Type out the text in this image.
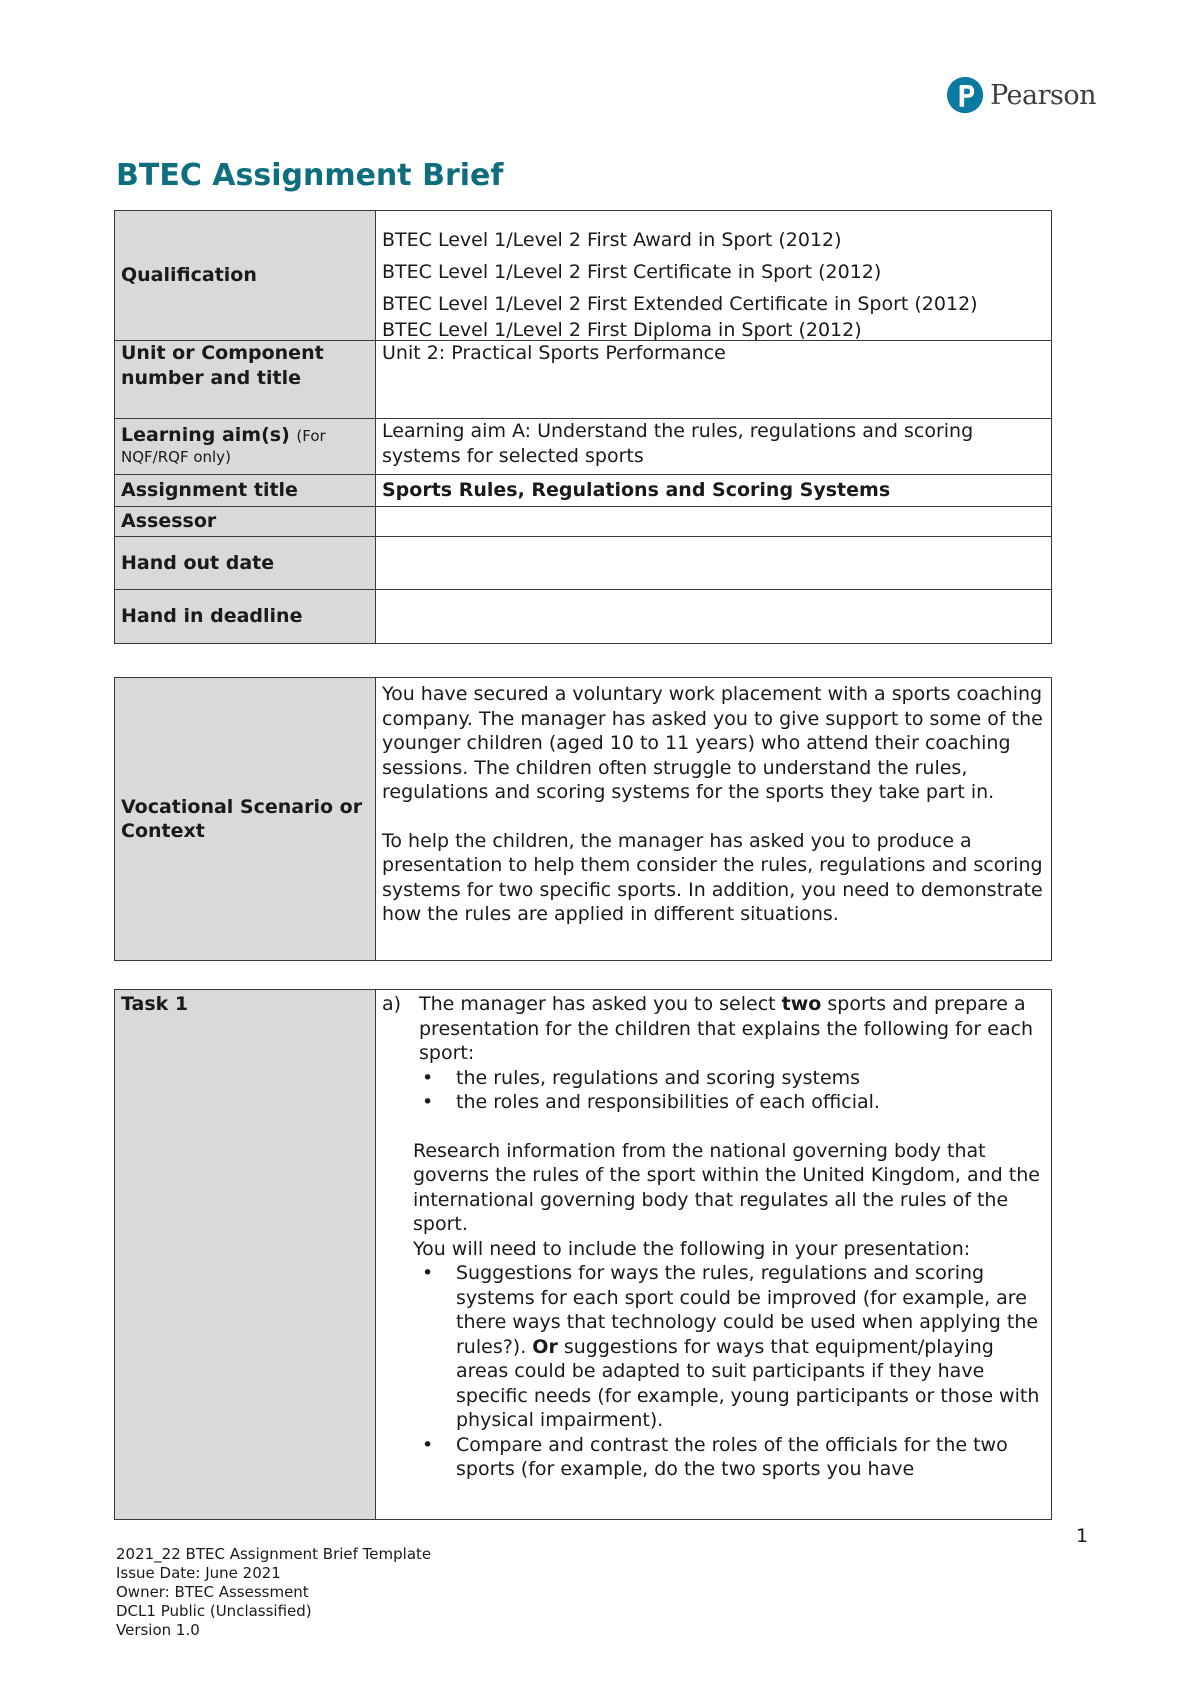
Pearson
BTEC Assignment Brief
Qualification	BTEC Level 1/Level 2 First Award in Sport (2012)
BTEC Level 1/Level 2 First Certificate in Sport (2012)
BTEC Level 1/Level 2 First Extended Certificate in Sport (2012)
BTEC Level 1/Level 2 First Diploma in Sport (2012)

Unit or Component number and title	Unit 2: Practical Sports Performance
Learning aim(s) (For NQF/RQF only)	Learning aim A: Understand the rules, regulations and scoring systems for selected sports
Assignment title	Sports Rules, Regulations and Scoring Systems
Assessor	
Hand out date	
Hand in deadline	
Vocational Scenario or Context	

You have secured a voluntary work placement with a sports coaching company. The manager has asked you to give support to some of the younger children (aged 10 to 11 years) who attend their coaching sessions. The children often struggle to understand the rules, regulations and scoring systems for the sports they take part in.

To help the children, the manager has asked you to produce a presentation to help them consider the rules, regulations and scoring systems for two specific sports. In addition, you need to demonstrate how the rules are applied in different situations.

Task 1	a) The manager has asked you to select two sports and prepare a presentation for the children that explains the following for each sport:
• the rules, regulations and scoring systems
• the roles and responsibilities of each official.

Research information from the national governing body that governs the rules of the sport within the United Kingdom, and the international governing body that regulates all the rules of the sport.

You will need to include the following in your presentation:

• Suggestions for ways the rules, regulations and scoring systems for each sport could be improved (for example, are there ways that technology could be used when applying the rules?). Or suggestions for ways that equipment/playing areas could be adapted to suit participants if they have specific needs (for example, young participants or those with physical impairment).
• Compare and contrast the roles of the officials for the two sports (for example, do the two sports you have
1
2021_22 BTEC Assignment Brief Template
Issue Date: June 2021
Owner: BTEC Assessment
DCL1 Public (Unclassified)
Version 1.0
